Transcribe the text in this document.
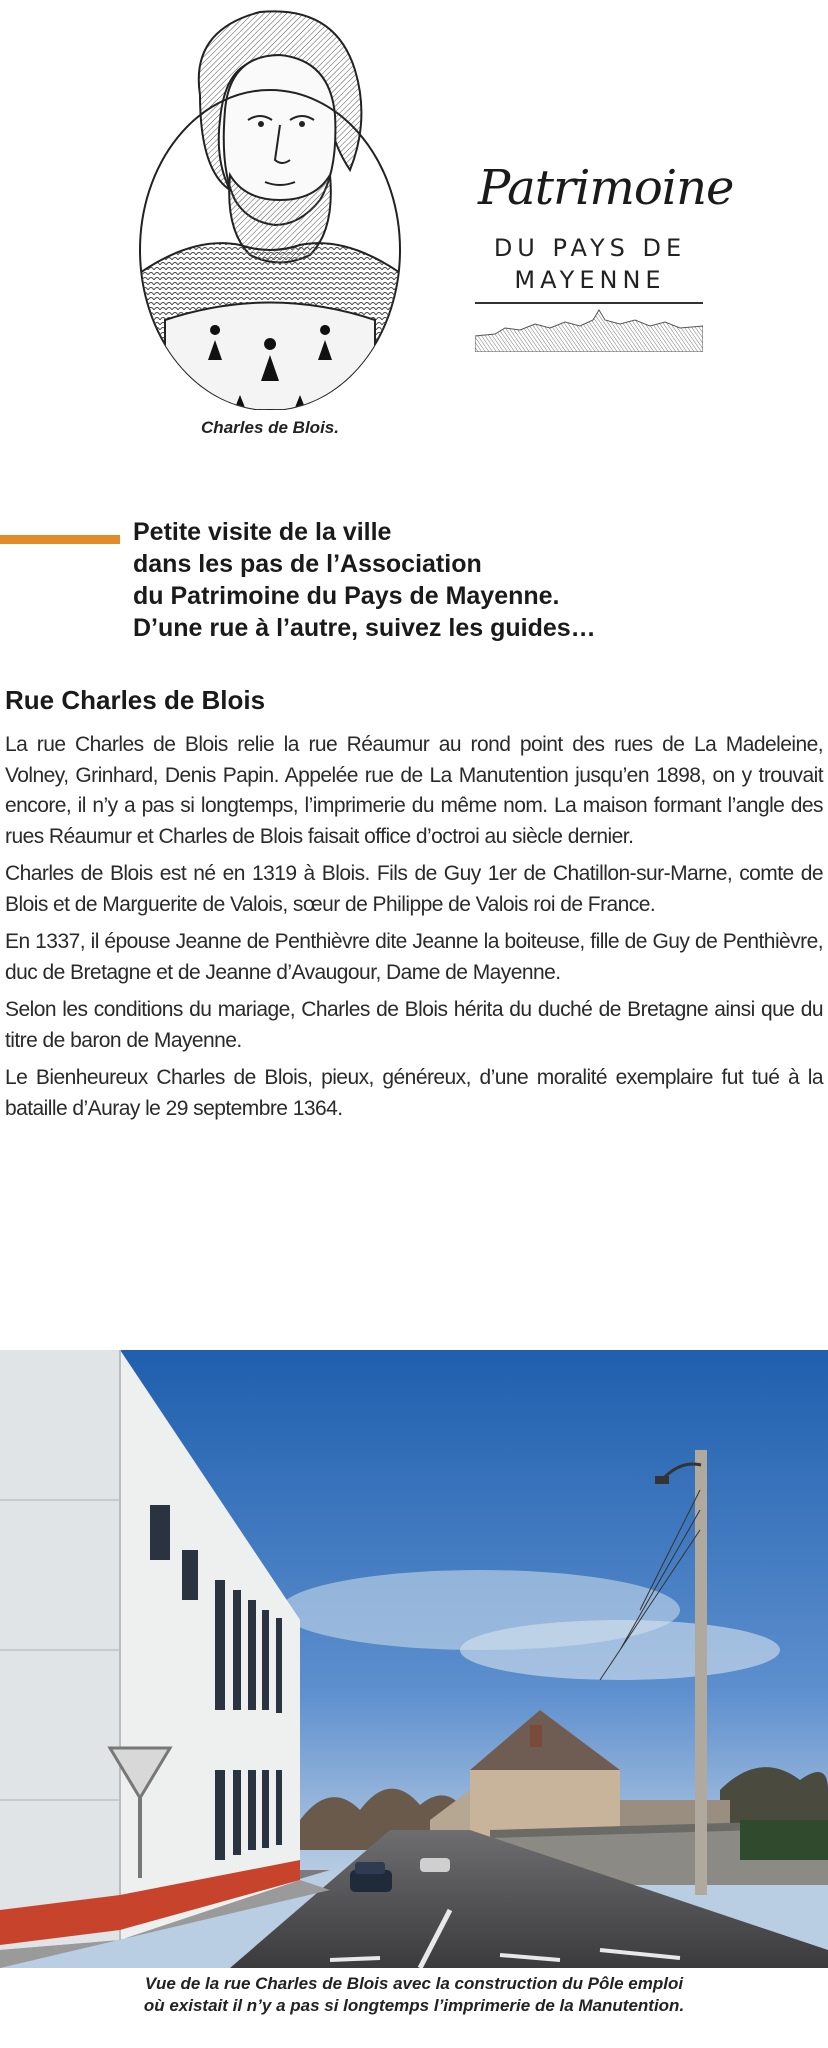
Charles de Blois.
Patrimoine
DU PAYS DE
MAYENNE
Petite visite de la ville
dans les pas de l’Association
du Patrimoine du Pays de Mayenne.
D’une rue à l’autre, suivez les guides…
Rue Charles de Blois

La rue Charles de Blois relie la rue Réaumur au rond point des rues de La Madeleine, Volney, Grinhard, Denis Papin. Appelée rue de La Manutention jusqu’en 1898, on y trouvait encore, il n’y a pas si longtemps, l’imprimerie du même nom. La maison formant l’angle des rues Réaumur et Charles de Blois faisait office d’octroi au siècle dernier.

Charles de Blois est né en 1319 à Blois. Fils de Guy 1er de Chatillon-sur-Marne, comte de Blois et de Marguerite de Valois, sœur de Philippe de Valois roi de France.

En 1337, il épouse Jeanne de Penthièvre dite Jeanne la boiteuse, fille de Guy de Penthièvre, duc de Bretagne et de Jeanne d’Avaugour, Dame de Mayenne.

Selon les conditions du mariage, Charles de Blois hérita du duché de Bretagne ainsi que du titre de baron de Mayenne.

Le Bienheureux Charles de Blois, pieux, généreux, d’une moralité exemplaire fut tué à la bataille d’Auray le 29 septembre 1364.

Vue de la rue Charles de Blois avec la construction du Pôle emploi
où existait il n’y a pas si longtemps l’imprimerie de la Manutention.
